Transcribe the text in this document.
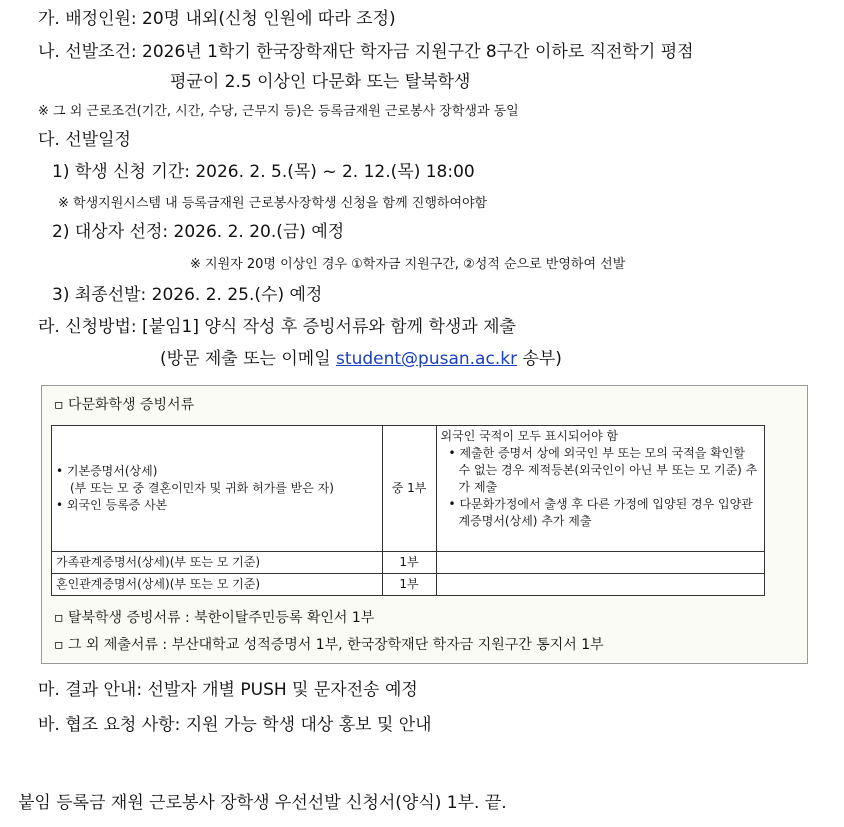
가. 배정인원: 20명 내외(신청 인원에 따라 조정)
나. 선발조건: 2026년 1학기 한국장학재단 학자금 지원구간 8구간 이하로 직전학기 평점
평균이 2.5 이상인 다문화 또는 탈북학생
※ 그 외 근로조건(기간, 시간, 수당, 근무지 등)은 등록금재원 근로봉사 장학생과 동일
다. 선발일정
1) 학생 신청 기간: 2026. 2. 5.(목) ~ 2. 12.(목) 18:00
※ 학생지원시스템 내 등록금재원 근로봉사장학생 신청을 함께 진행하여야함
2) 대상자 선정: 2026. 2. 20.(금) 예정
※ 지원자 20명 이상인 경우 ①학자금 지원구간, ②성적 순으로 반영하여 선발
3) 최종선발: 2026. 2. 25.(수) 예정
라. 신청방법: [붙임1] 양식 작성 후 증빙서류와 함께 학생과 제출
(방문 제출 또는 이메일 student@pusan.ac.kr 송부)
▫ 다문화학생 증빙서류
• 기본증명서(상세)
(부 또는 모 중 결혼이민자 및 귀화 허가를 받은 자)
• 외국인 등록증 사본	중 1부	외국인 국적이 모두 표시되어야 함
• 제출한 증명서 상에 외국인 부 또는 모의 국적을 확인할 수 없는 경우 제적등본(외국인이 아닌 부 또는 모 기준) 추가 제출
• 다문화가정에서 출생 후 다른 가정에 입양된 경우 입양관계증명서(상세) 추가 제출

가족관계증명서(상세)(부 또는 모 기준)	1부	
혼인관계증명서(상세)(부 또는 모 기준)	1부	
▫ 탈북학생 증빙서류 : 북한이탈주민등록 확인서 1부
▫ 그 외 제출서류 : 부산대학교 성적증명서 1부, 한국장학재단 학자금 지원구간 통지서 1부
마. 결과 안내: 선발자 개별 PUSH 및 문자전송 예정
바. 협조 요청 사항: 지원 가능 학생 대상 홍보 및 안내
붙임 등록금 재원 근로봉사 장학생 우선선발 신청서(양식) 1부. 끝.
